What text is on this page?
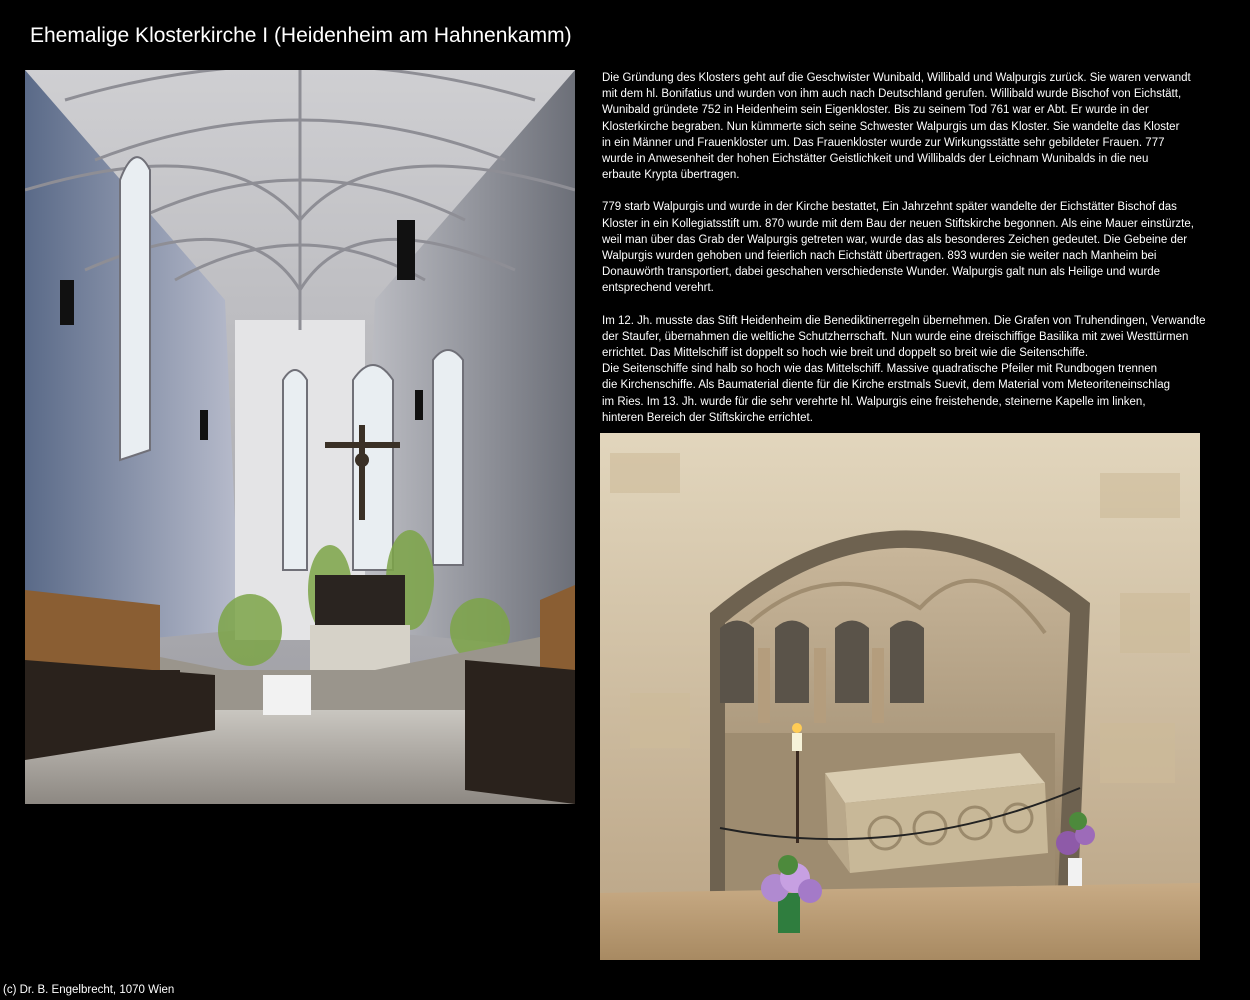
Ehemalige Klosterkirche I (Heidenheim am Hahnenkamm)

Die Gründung des Klosters geht auf die Geschwister Wunibald, Willibald und Walpurgis zurück. Sie waren verwandt
mit dem hl. Bonifatius und wurden von ihm auch nach Deutschland gerufen. Willibald wurde Bischof von Eichstätt,
Wunibald gründete 752 in Heidenheim sein Eigenkloster. Bis zu seinem Tod 761 war er Abt. Er wurde in der
Klosterkirche begraben. Nun kümmerte sich seine Schwester Walpurgis um das Kloster. Sie wandelte das Kloster
in ein Männer und Frauenkloster um. Das Frauenkloster wurde zur Wirkungsstätte sehr gebildeter Frauen. 777
wurde in Anwesenheit der hohen Eichstätter Geistlichkeit und Willibalds der Leichnam Wunibalds in die neu
erbaute Krypta übertragen.

779 starb Walpurgis und wurde in der Kirche bestattet, Ein Jahrzehnt später wandelte der Eichstätter Bischof das
Kloster in ein Kollegiatsstift um. 870 wurde mit dem Bau der neuen Stiftskirche begonnen. Als eine Mauer einstürzte,
weil man über das Grab der Walpurgis getreten war, wurde das als besonderes Zeichen gedeutet. Die Gebeine der
Walpurgis wurden gehoben und feierlich nach Eichstätt übertragen. 893 wurden sie weiter nach Manheim bei
Donauwörth transportiert, dabei geschahen verschiedenste Wunder. Walpurgis galt nun als Heilige und wurde
entsprechend verehrt.

Im 12. Jh. musste das Stift Heidenheim die Benediktinerregeln übernehmen. Die Grafen von Truhendingen, Verwandte
der Staufer, übernahmen die weltliche Schutzherrschaft. Nun wurde eine dreischiffige Basilika mit zwei Westtürmen
errichtet. Das Mittelschiff ist doppelt so hoch wie breit und doppelt so breit wie die Seitenschiffe.
Die Seitenschiffe sind halb so hoch wie das Mittelschiff. Massive quadratische Pfeiler mit Rundbogen trennen
die Kirchenschiffe. Als Baumaterial diente für die Kirche erstmals Suevit, dem Material vom Meteoriteneinschlag
im Ries. Im 13. Jh. wurde für die sehr verehrte hl. Walpurgis eine freistehende, steinerne Kapelle im linken,
hinteren Bereich der Stiftskirche errichtet.

(c) Dr. B. Engelbrecht, 1070 Wien
